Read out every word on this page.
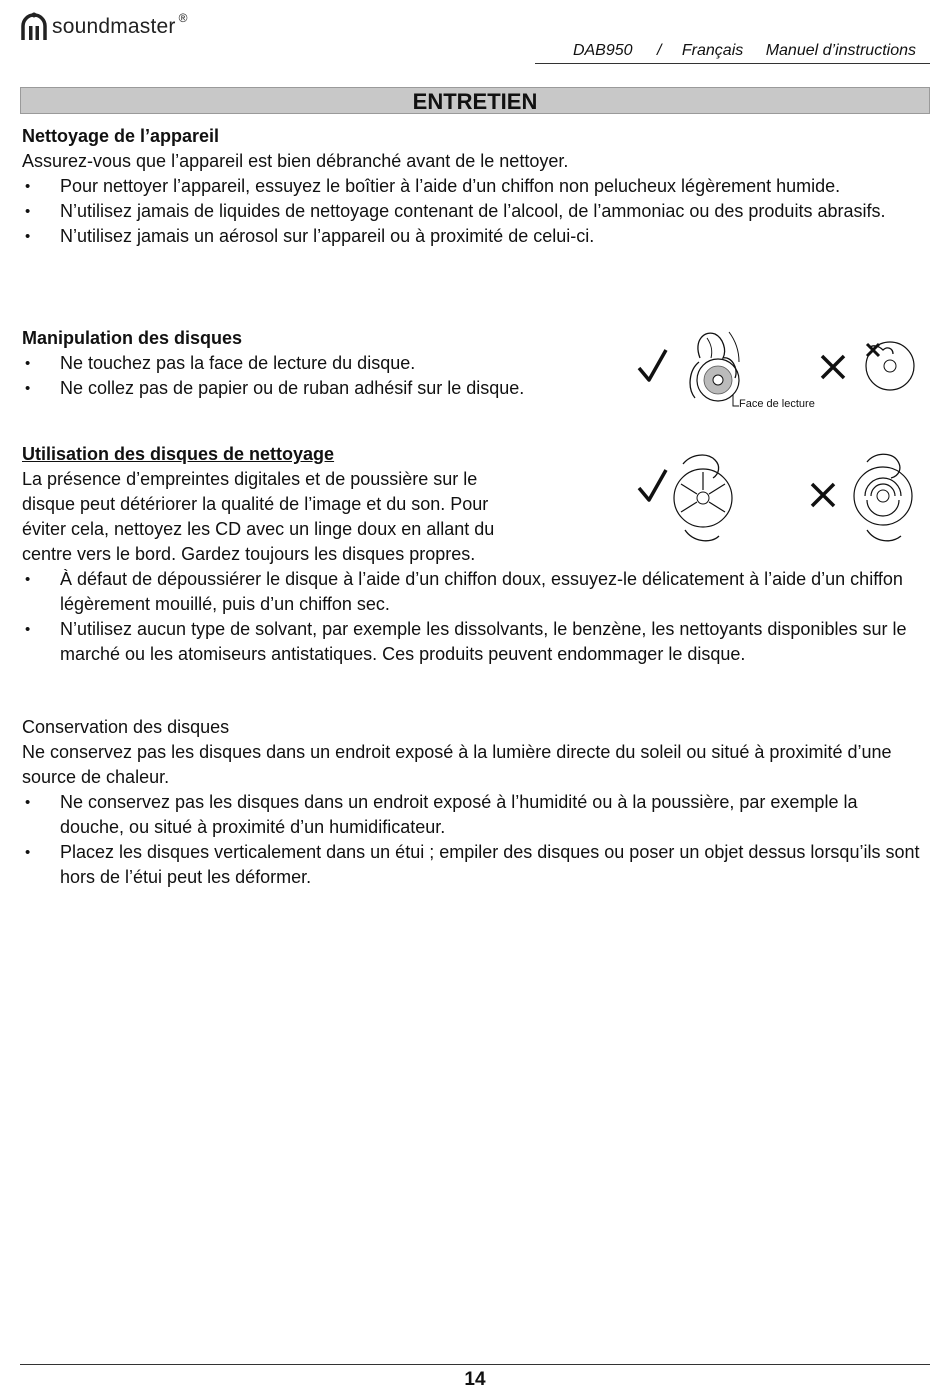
soundmaster ®
DAB950 / Français Manuel d’instructions
ENTRETIEN
Nettoyage de l’appareil
Assurez-vous que l’appareil est bien débranché avant de le nettoyer.
• Pour nettoyer l’appareil, essuyez le boîtier à l’aide d’un chiffon non pelucheux légèrement humide.
• N’utilisez jamais de liquides de nettoyage contenant de l’alcool, de l’ammoniac ou des produits abrasifs.
• N’utilisez jamais un aérosol sur l’appareil ou à proximité de celui-ci.
Manipulation des disques
• Ne touchez pas la face de lecture du disque.
• Ne collez pas de papier ou de ruban adhésif sur le disque.
Face de lecture
Utilisation des disques de nettoyage
La présence d’empreintes digitales et de poussière sur le
disque peut détériorer la qualité de l’image et du son. Pour
éviter cela, nettoyez les CD avec un linge doux en allant du
centre vers le bord. Gardez toujours les disques propres.
• À défaut de dépoussiérer le disque à l’aide d’un chiffon doux, essuyez-le délicatement à l’aide d’un chiffon légèrement mouillé, puis d’un chiffon sec.
• N’utilisez aucun type de solvant, par exemple les dissolvants, le benzène, les nettoyants disponibles sur le marché ou les atomiseurs antistatiques. Ces produits peuvent endommager le disque.
Conservation des disques
Ne conservez pas les disques dans un endroit exposé à la lumière directe du soleil ou situé à proximité d’une source de chaleur.
• Ne conservez pas les disques dans un endroit exposé à l’humidité ou à la poussière, par exemple la douche, ou situé à proximité d’un humidificateur.
• Placez les disques verticalement dans un étui ; empiler des disques ou poser un objet dessus lorsqu’ils sont hors de l’étui peut les déformer.
14
